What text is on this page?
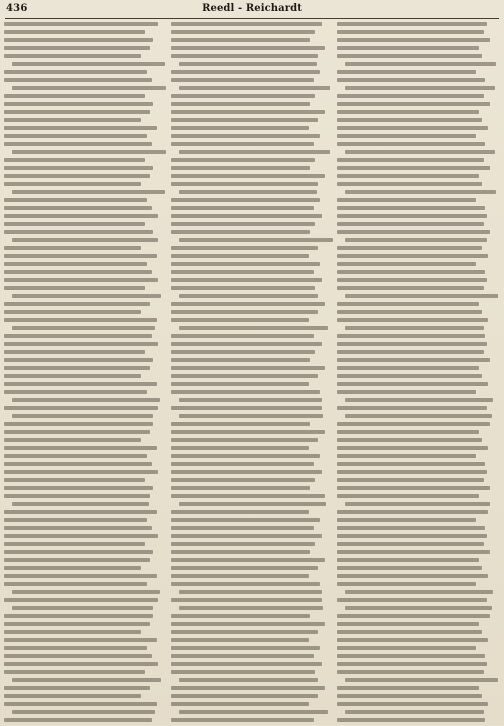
436	Reedl - Reichardt
